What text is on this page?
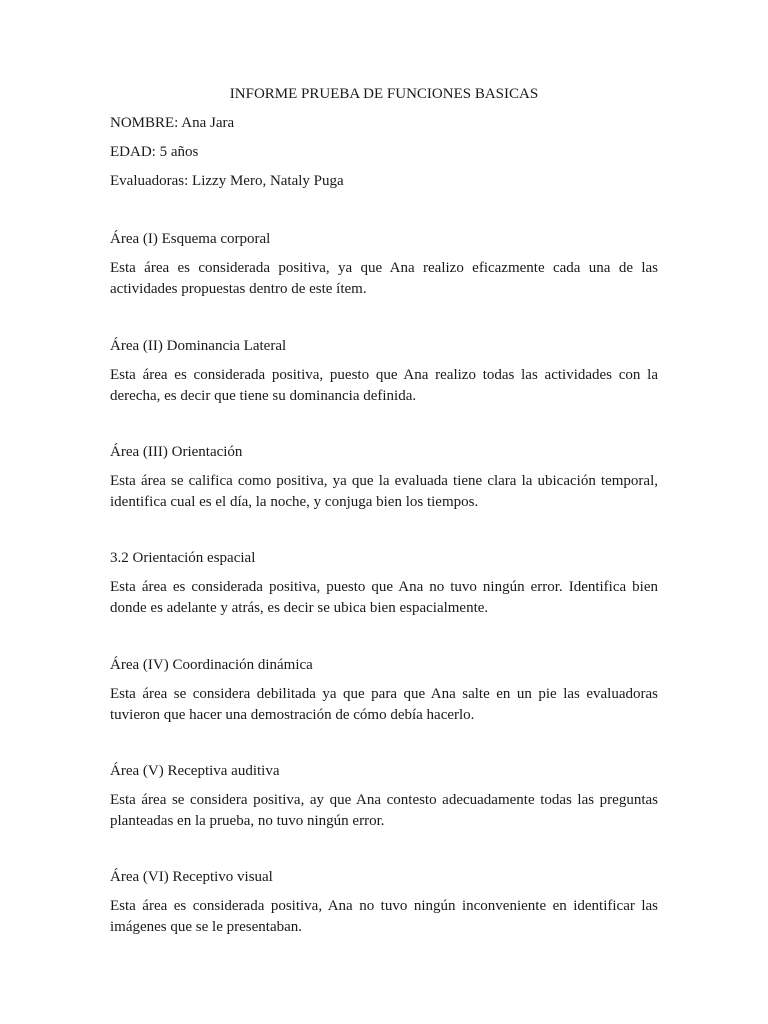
INFORME PRUEBA DE FUNCIONES BASICAS
NOMBRE: Ana Jara
EDAD: 5 años
Evaluadoras: Lizzy Mero, Nataly Puga
Área (I) Esquema corporal
Esta área es considerada positiva, ya que Ana realizo eficazmente cada una de las actividades propuestas dentro de este ítem.
Área (II) Dominancia Lateral
Esta área es considerada positiva, puesto que Ana realizo todas las actividades con la derecha, es decir que tiene su dominancia definida.
Área (III) Orientación
Esta área se califica como positiva, ya que la evaluada tiene clara la ubicación temporal, identifica cual es el día, la noche, y conjuga bien los tiempos.
3.2 Orientación espacial
Esta área es considerada positiva, puesto que Ana no tuvo ningún error. Identifica bien donde es adelante y atrás, es decir se ubica bien espacialmente.
Área (IV) Coordinación dinámica
Esta área se considera debilitada ya que para que Ana salte en un pie las evaluadoras tuvieron que hacer una demostración de cómo debía hacerlo.
Área (V) Receptiva auditiva
Esta área se considera positiva, ay que Ana contesto adecuadamente todas las preguntas planteadas en la prueba, no tuvo ningún error.
Área (VI) Receptivo visual
Esta área es considerada positiva, Ana no tuvo ningún inconveniente en identificar las imágenes que se le presentaban.
